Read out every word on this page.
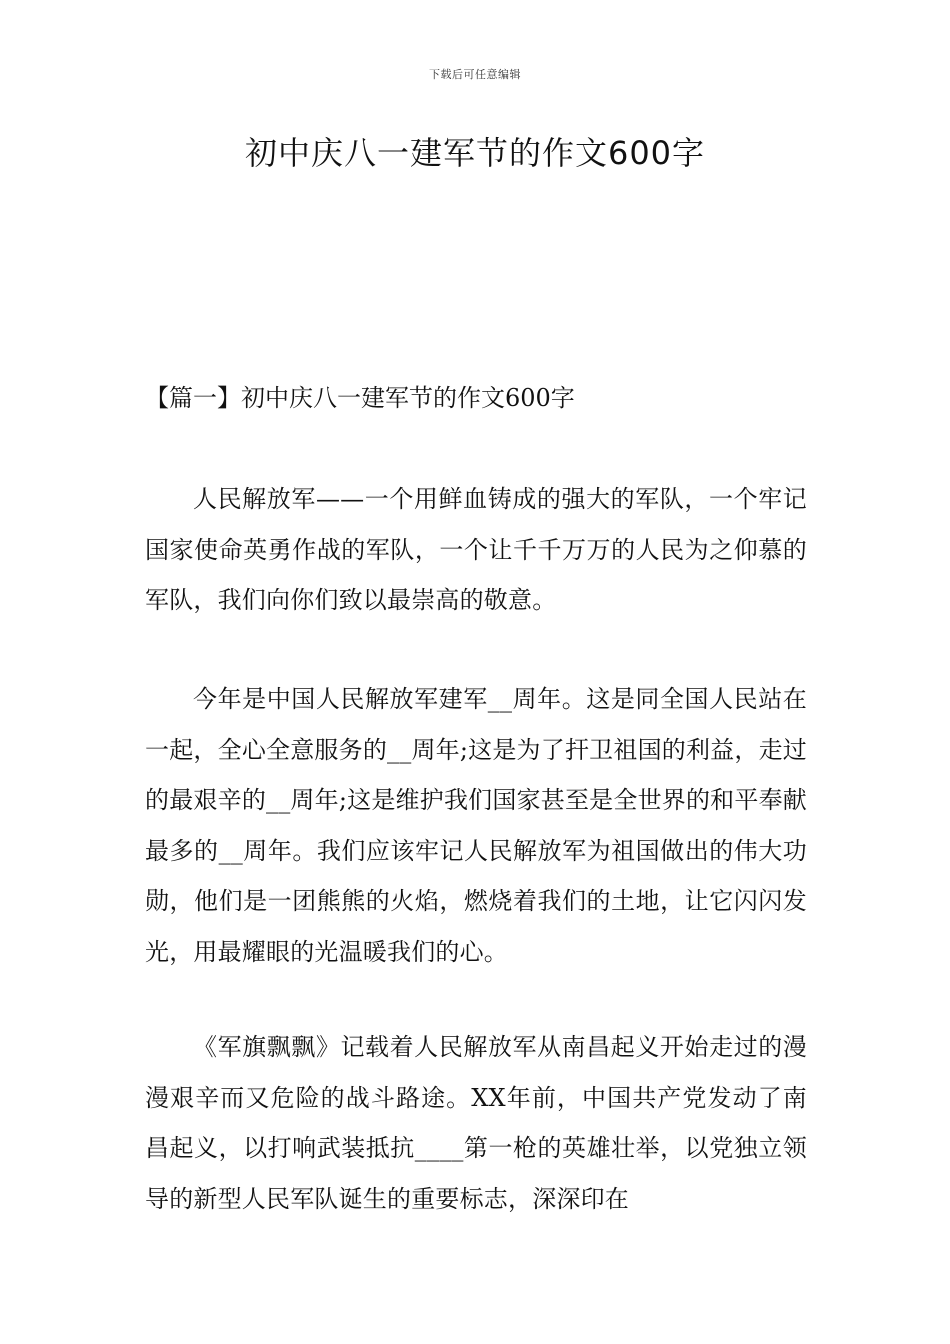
下载后可任意编辑
初中庆八一建军节的作文600字
【篇一】初中庆八一建军节的作文600字

人民解放军——一个用鲜血铸成的强大的军队，一个牢记国家使命英勇作战的军队，一个让千千万万的人民为之仰慕的军队，我们向你们致以最崇高的敬意。

今年是中国人民解放军建军__周年。这是同全国人民站在一起，全心全意服务的__周年;这是为了扞卫祖国的利益，走过的最艰辛的__周年;这是维护我们国家甚至是全世界的和平奉献最多的__周年。我们应该牢记人民解放军为祖国做出的伟大功勋，他们是一团熊熊的火焰，燃烧着我们的土地，让它闪闪发光，用最耀眼的光温暖我们的心。

《军旗飘飘》记载着人民解放军从南昌起义开始走过的漫漫艰辛而又危险的战斗路途。XX年前，中国共产党发动了南昌起义，以打响武装抵抗____第一枪的英雄壮举，以党独立领导的新型人民军队诞生的重要标志，深深印在
